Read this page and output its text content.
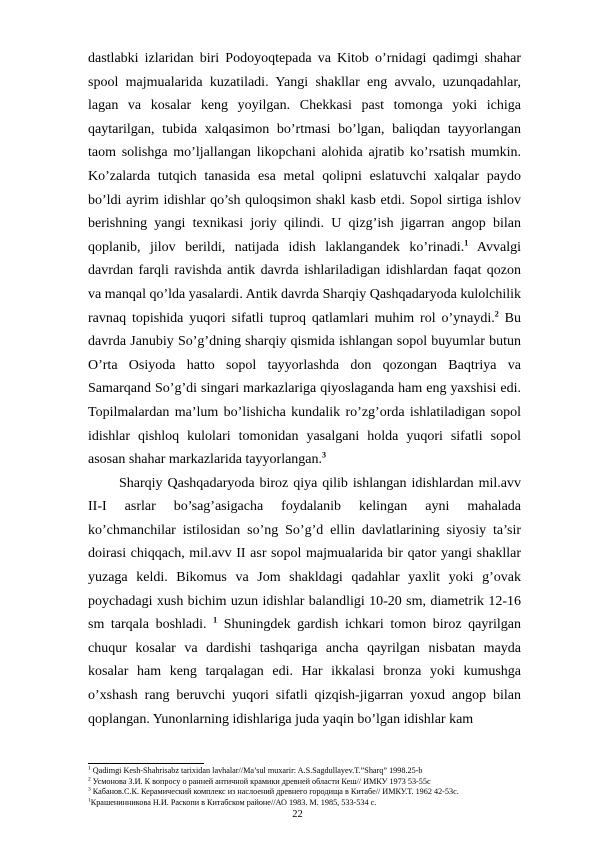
dastlabki izlaridan biri Podoyoqtepada va Kitob o’rnidagi qadimgi shahar spool majmualarida kuzatiladi. Yangi shakllar eng avvalo, uzunqadahlar, lagan va kosalar keng yoyilgan. Chekkasi past tomonga yoki ichiga qaytarilgan, tubida xalqasimon bo’rtmasi bo’lgan, baliqdan tayyorlangan taom solishga mo’ljallangan likopchani alohida ajratib ko’rsatish mumkin. Ko’zalarda tutqich tanasida esa metal qolipni eslatuvchi xalqalar paydo bo’ldi ayrim idishlar qo’sh quloqsimon shakl kasb etdi. Sopol sirtiga ishlov berishning yangi texnikasi joriy qilindi. U qizg’ish jigarran angop bilan qoplanib, jilov berildi, natijada idish laklangandek ko’rinadi.$^1$ Avvalgi davrdan farqli ravishda antik davrda ishlariladigan idishlardan faqat qozon va manqal qo’lda yasalardi. Antik davrda Sharqiy Qashqadaryoda kulolchilik ravnaq topishida yuqori sifatli tuproq qatlamlari muhim rol o’ynaydi.$^2$ Bu davrda Janubiy So’g’dning sharqiy qismida ishlangan sopol buyumlar butun O’rta Osiyoda hatto sopol tayyorlashda don qozongan Baqtriya va Samarqand So’g’di singari markazlariga qiyoslaganda ham eng yaxshisi edi. Topilmalardan ma’lum bo’lishicha kundalik ro’zg’orda ishlatiladigan sopol idishlar qishloq kulolari tomonidan yasalgani holda yuqori sifatli sopol asosan shahar markazlarida tayyorlangan.$^3$

Sharqiy Qashqadaryoda biroz qiya qilib ishlangan idishlardan mil.avv II-I asrlar bo’sag’asigacha foydalanib kelingan ayni mahalada ko’chmanchilar istilosidan so’ng So’g’d ellin davlatlarining siyosiy ta’sir doirasi chiqqach, mil.avv II asr sopol majmualarida bir qator yangi shakllar yuzaga keldi. Bikomus va Jom shakldagi qadahlar yaxlit yoki g’ovak poychadagi xush bichim uzun idishlar balandligi 10-20 sm, diametrik 12-16 sm tarqala boshladi. $^1$ Shuningdek gardish ichkari tomon biroz qayrilgan chuqur kosalar va dardishi tashqariga ancha qayrilgan nisbatan mayda kosalar ham keng tarqalagan edi. Har ikkalasi bronza yoki kumushga o’xshash rang beruvchi yuqori sifatli qizqish-jigarran yoxud angop bilan qoplangan. Yunonlarning idishlariga juda yaqin bo’lgan idishlar kam

$^1$ Qadimgi Kesh-Shahrisabz tarixidan lavhalar//Ma’sul muxarir: A.S.Sagdullayev.T.”Sharq” 1998.25-b
$^2$ Усмонова З.И. К вопросу о ранней античной крамики древней области Кеш// ИМКУ 1973 53-55с
$^3$ Кабанов.С.К. Керамический комплекс из наслоений древнего городища в Китабе// ИМКУ.Т. 1962 42-53с.
$^1$Крашенинникова Н.И. Раскопи в Китабском районе//АО 1983. М. 1985, 533-534 с.
22
